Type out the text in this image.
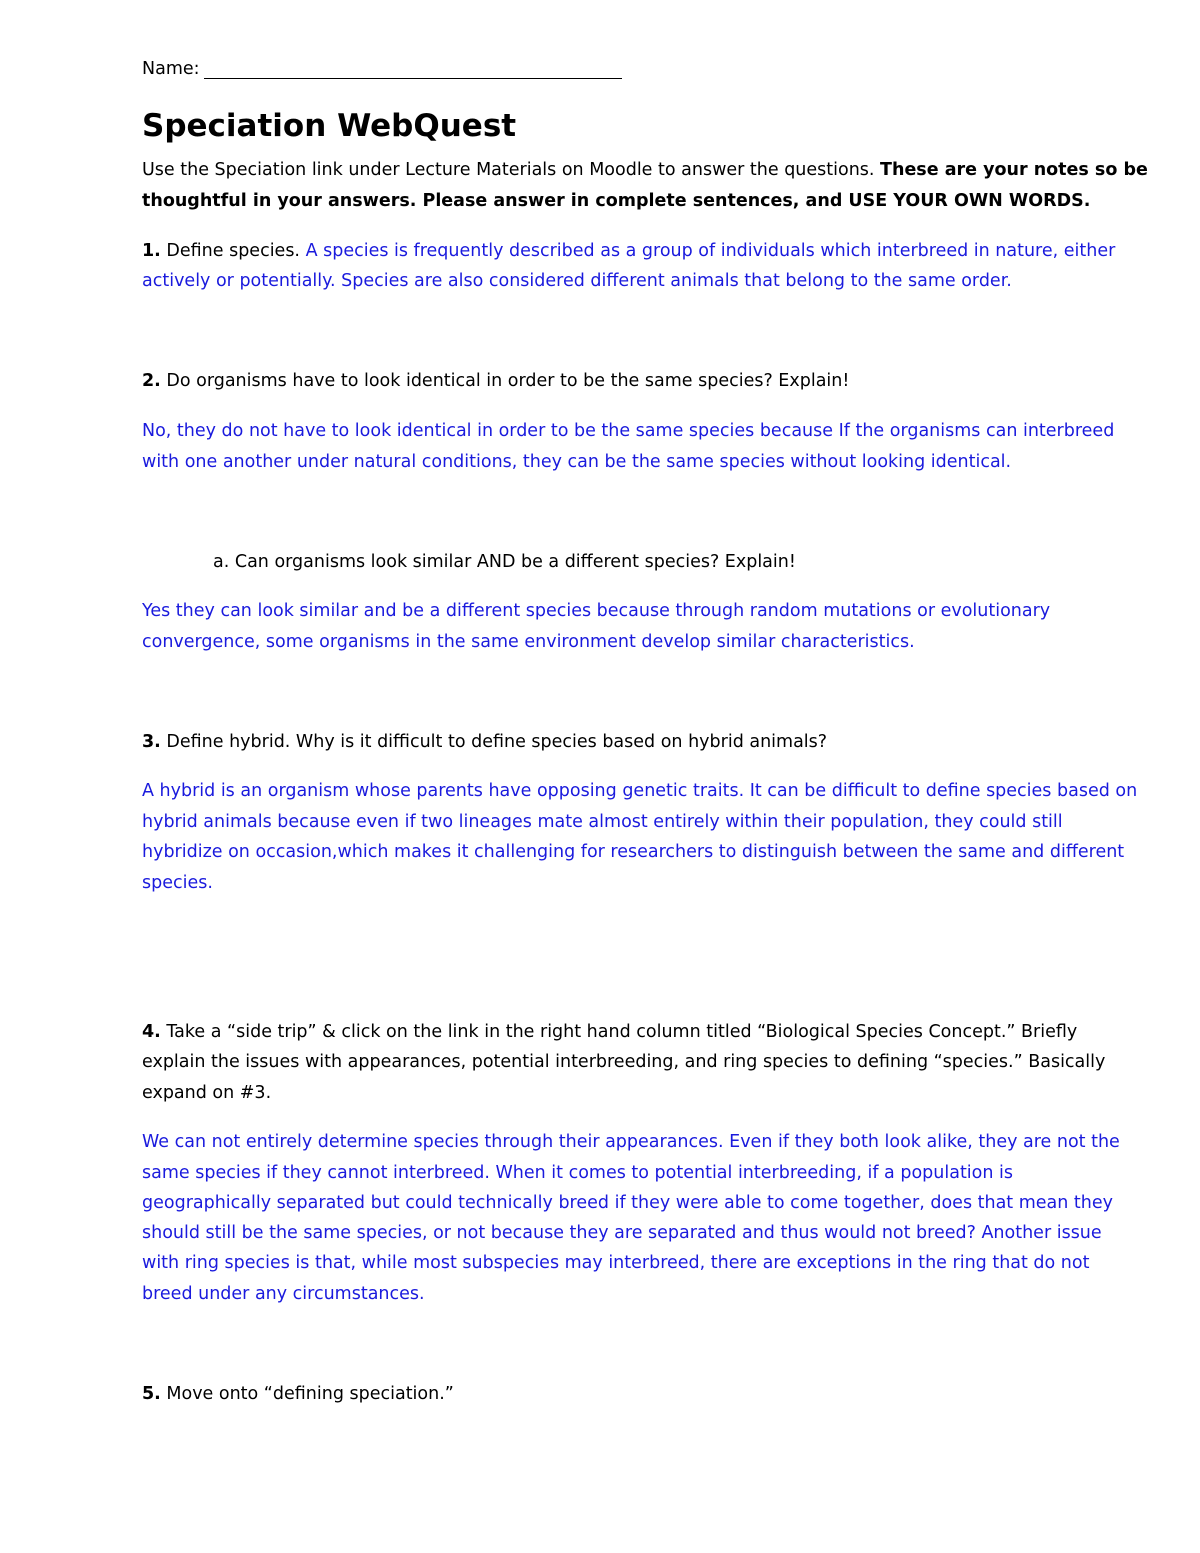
Name:
Speciation WebQuest
Use the Speciation link under Lecture Materials on Moodle to answer the questions. These are your notes so be
thoughtful in your answers. Please answer in complete sentences, and USE YOUR OWN WORDS.
1. Define species. A species is frequently described as a group of individuals which interbreed in nature, either
actively or potentially. Species are also considered different animals that belong to the same order.
2. Do organisms have to look identical in order to be the same species? Explain!
No, they do not have to look identical in order to be the same species because If the organisms can interbreed
with one another under natural conditions, they can be the same species without looking identical.
a. Can organisms look similar AND be a different species? Explain!
Yes they can look similar and be a different species because through random mutations or evolutionary
convergence, some organisms in the same environment develop similar characteristics.
3. Define hybrid. Why is it difficult to define species based on hybrid animals?
A hybrid is an organism whose parents have opposing genetic traits. It can be difficult to define species based on
hybrid animals because even if two lineages mate almost entirely within their population, they could still
hybridize on occasion,which makes it challenging for researchers to distinguish between the same and different
species.
4. Take a “side trip” & click on the link in the right hand column titled “Biological Species Concept.” Briefly
explain the issues with appearances, potential interbreeding, and ring species to defining “species.” Basically
expand on #3.
We can not entirely determine species through their appearances. Even if they both look alike, they are not the
same species if they cannot interbreed. When it comes to potential interbreeding, if a population is
geographically separated but could technically breed if they were able to come together, does that mean they
should still be the same species, or not because they are separated and thus would not breed? Another issue
with ring species is that, while most subspecies may interbreed, there are exceptions in the ring that do not
breed under any circumstances.
5. Move onto “defining speciation.”
